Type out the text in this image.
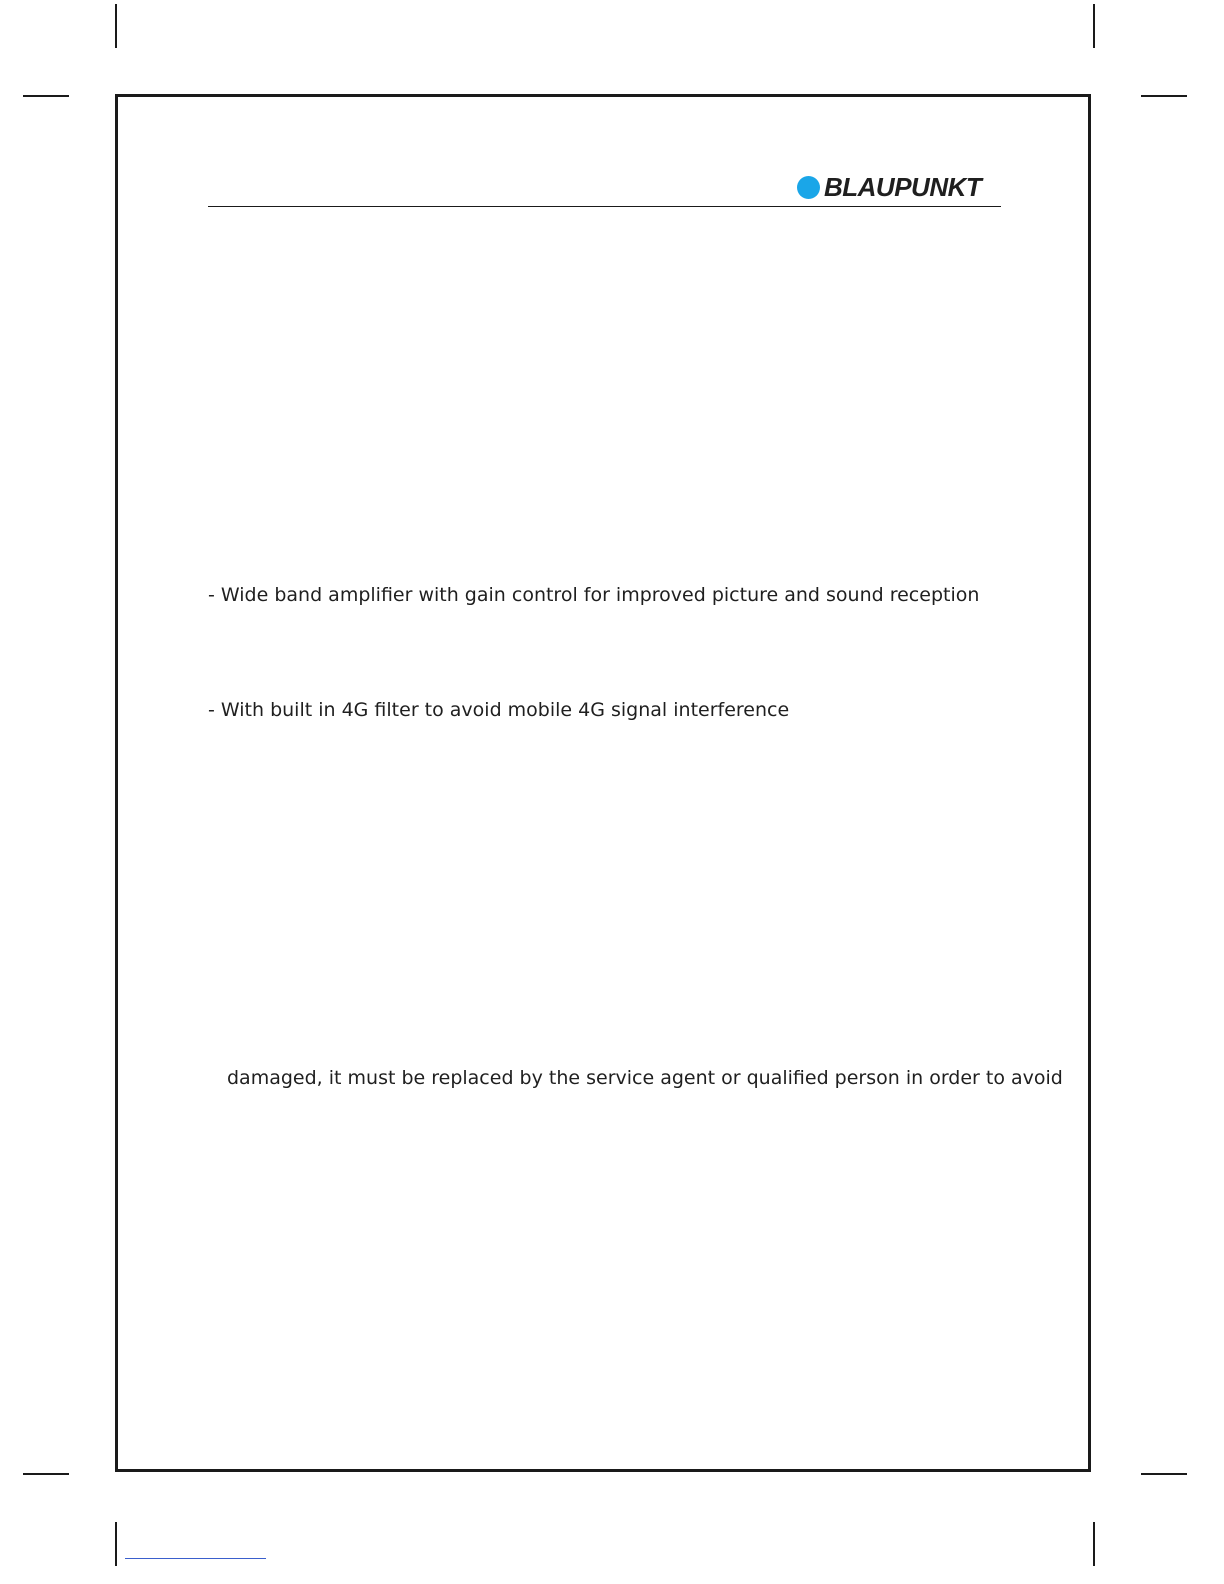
BLAUPUNKT
- Wide band amplifier with gain control for improved picture and sound reception
- With built in 4G filter to avoid mobile 4G signal interference
damaged, it must be replaced by the service agent or qualified person in order to avoid
